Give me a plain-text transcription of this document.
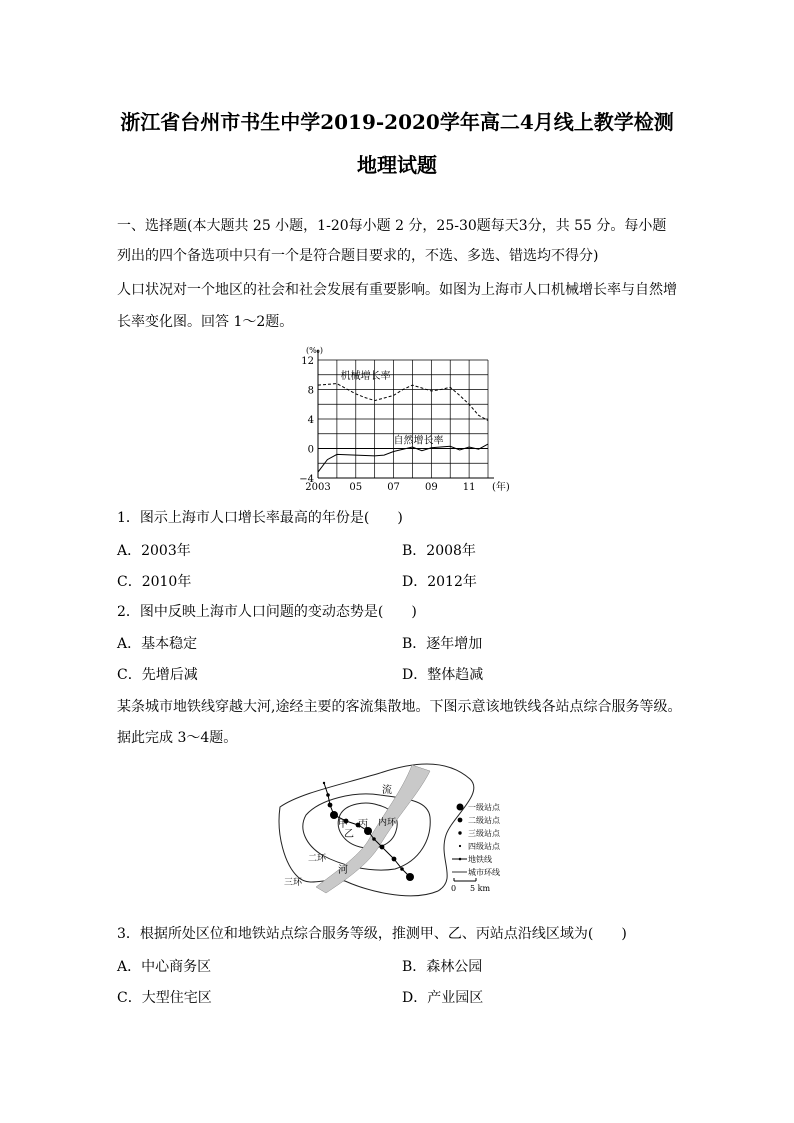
浙江省台州市书生中学2019-2020学年高二4月线上教学检测
地理试题
一、选择题(本大题共 25 小题，1-20每小题 2 分，25-30题每天3分，共 55 分。每小题
列出的四个备选项中只有一个是符合题目要求的，不选、多选、错选均不得分)
人口状况对一个地区的社会和社会发展有重要影响。如图为上海市人口机械增长率与自然增
长率变化图。回答 1～2题。
12
8
4
0
−4
2003 05	07	09	11
(‰)
(年)
机械增长率
自然增长率
1．图示上海市人口增长率最高的年份是(　　)
A．2003年	B．2008年
C．2010年	D．2012年
2．图中反映上海市人口问题的变动态势是(　　)
A．基本稳定	B．逐年增加
C．先增后减	D．整体趋减
某条城市地铁线穿越大河,途经主要的客流集散地。下图示意该地铁线各站点综合服务等级。
据此完成 3～4题。
流
河
内环
二环
三环
甲
乙
丙
一级站点
二级站点
三级站点
四级站点
地铁线
城市环线
0 5 km
3．根据所处区位和地铁站点综合服务等级，推测甲、乙、丙站点沿线区域为(　　)
A．中心商务区	B．森林公园
C．大型住宅区	D．产业园区
